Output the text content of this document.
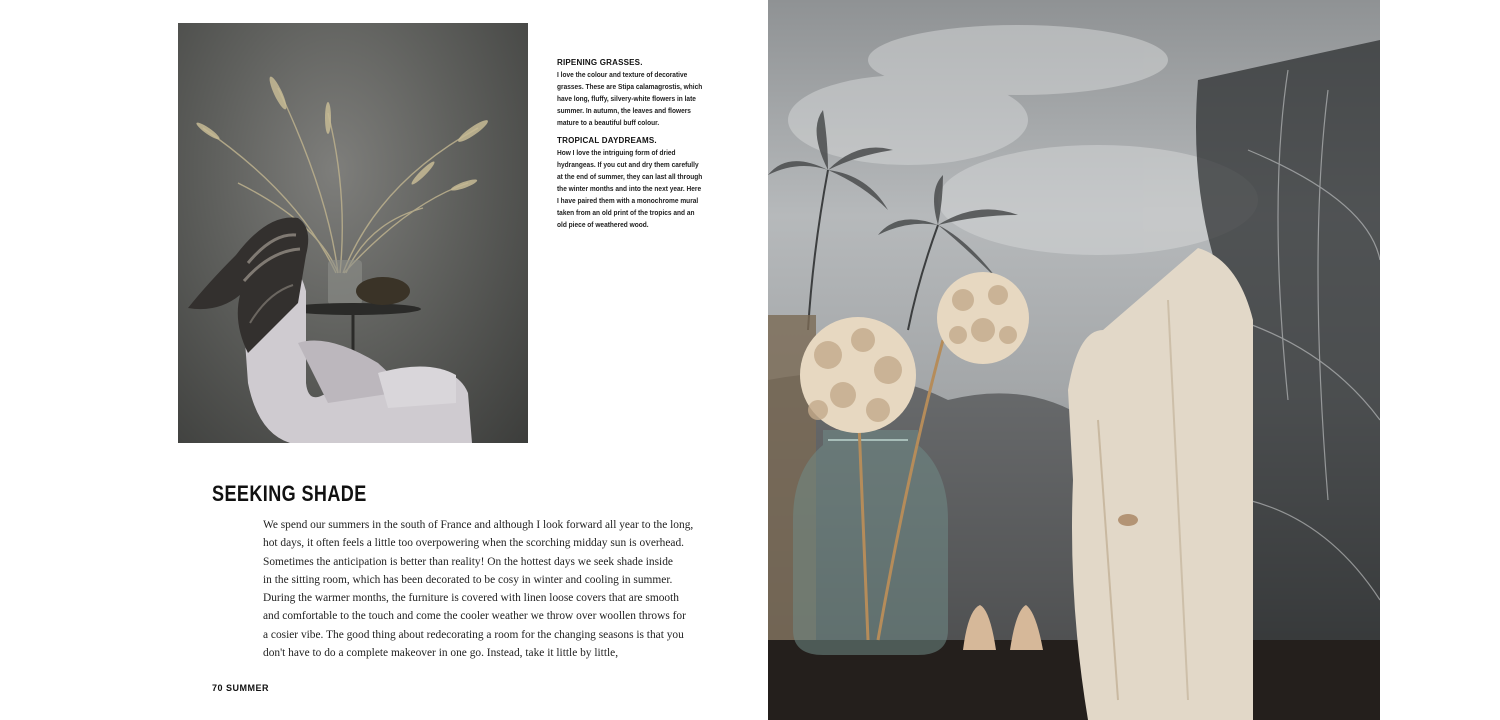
RIPENING GRASSES.
I love the colour and texture of decorative
grasses. These are Stipa calamagrostis, which
have long, fluffy, silvery-white flowers in late
summer. In autumn, the leaves and flowers
mature to a beautiful buff colour.
TROPICAL DAYDREAMS.
How I love the intriguing form of dried
hydrangeas. If you cut and dry them carefully
at the end of summer, they can last all through
the winter months and into the next year. Here
I have paired them with a monochrome mural
taken from an old print of the tropics and an
old piece of weathered wood.
SEEKING SHADE
We spend our summers in the south of France and although I look forward all year to the long,
hot days, it often feels a little too overpowering when the scorching midday sun is overhead.
Sometimes the anticipation is better than reality! On the hottest days we seek shade inside
in the sitting room, which has been decorated to be cosy in winter and cooling in summer.
During the warmer months, the furniture is covered with linen loose covers that are smooth
and comfortable to the touch and come the cooler weather we throw over woollen throws for
a cosier vibe. The good thing about redecorating a room for the changing seasons is that you
don't have to do a complete makeover in one go. Instead, take it little by little,
70 SUMMER
